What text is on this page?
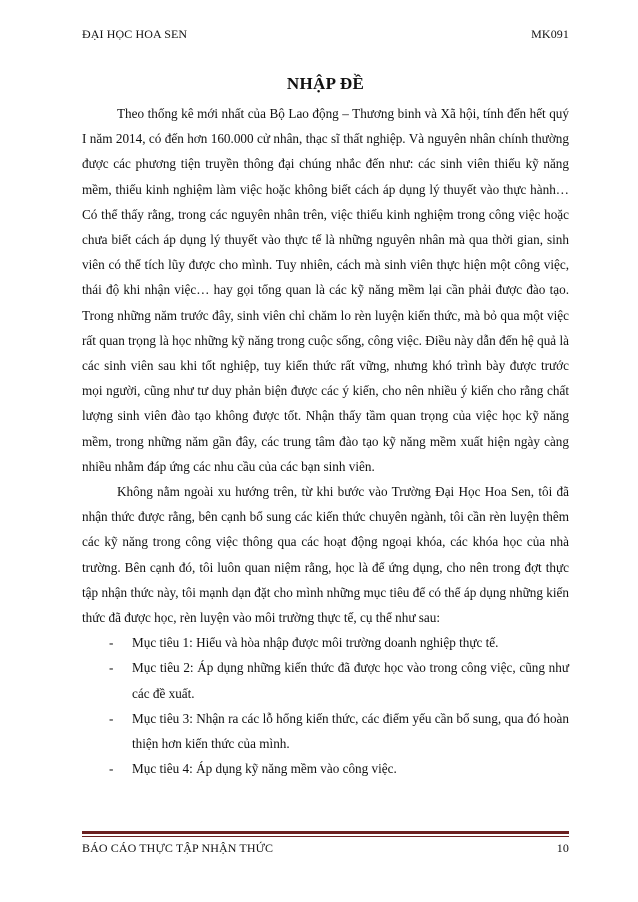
ĐẠI HỌC HOA SEN	MK091
NHẬP ĐỀ

Theo thống kê mới nhất của Bộ Lao động – Thương binh và Xã hội, tính đến hết quý I năm 2014, có đến hơn 160.000 cử nhân, thạc sĩ thất nghiệp. Và nguyên nhân chính thường được các phương tiện truyền thông đại chúng nhắc đến như: các sinh viên thiếu kỹ năng mềm, thiếu kinh nghiệm làm việc hoặc không biết cách áp dụng lý thuyết vào thực hành… Có thể thấy rằng, trong các nguyên nhân trên, việc thiếu kinh nghiệm trong công việc hoặc chưa biết cách áp dụng lý thuyết vào thực tế là những nguyên nhân mà qua thời gian, sinh viên có thể tích lũy được cho mình. Tuy nhiên, cách mà sinh viên thực hiện một công việc, thái độ khi nhận việc… hay gọi tổng quan là các kỹ năng mềm lại cần phải được đào tạo. Trong những năm trước đây, sinh viên chỉ chăm lo rèn luyện kiến thức, mà bỏ qua một việc rất quan trọng là học những kỹ năng trong cuộc sống, công việc. Điều này dẫn đến hệ quả là các sinh viên sau khi tốt nghiệp, tuy kiến thức rất vững, nhưng khó trình bày được trước mọi người, cũng như tư duy phản biện được các ý kiến, cho nên nhiều ý kiến cho rằng chất lượng sinh viên đào tạo không được tốt. Nhận thấy tầm quan trọng của việc học kỹ năng mềm, trong những năm gần đây, các trung tâm đào tạo kỹ năng mềm xuất hiện ngày càng nhiều nhằm đáp ứng các nhu cầu của các bạn sinh viên.

Không nằm ngoài xu hướng trên, từ khi bước vào Trường Đại Học Hoa Sen, tôi đã nhận thức được rằng, bên cạnh bổ sung các kiến thức chuyên ngành, tôi cần rèn luyện thêm các kỹ năng trong công việc thông qua các hoạt động ngoại khóa, các khóa học của nhà trường. Bên cạnh đó, tôi luôn quan niệm rằng, học là để ứng dụng, cho nên trong đợt thực tập nhận thức này, tôi mạnh dạn đặt cho mình những mục tiêu để có thể áp dụng những kiến thức đã được học, rèn luyện vào môi trường thực tế, cụ thể như sau:

-	Mục tiêu 1: Hiểu và hòa nhập được môi trường doanh nghiệp thực tế.
-	Mục tiêu 2: Áp dụng những kiến thức đã được học vào trong công việc, cũng như các đề xuất.
-	Mục tiêu 3: Nhận ra các lỗ hổng kiến thức, các điểm yếu cần bổ sung, qua đó hoàn thiện hơn kiến thức của mình.
-	Mục tiêu 4: Áp dụng kỹ năng mềm vào công việc.
BÁO CÁO THỰC TẬP NHẬN THỨC	10
